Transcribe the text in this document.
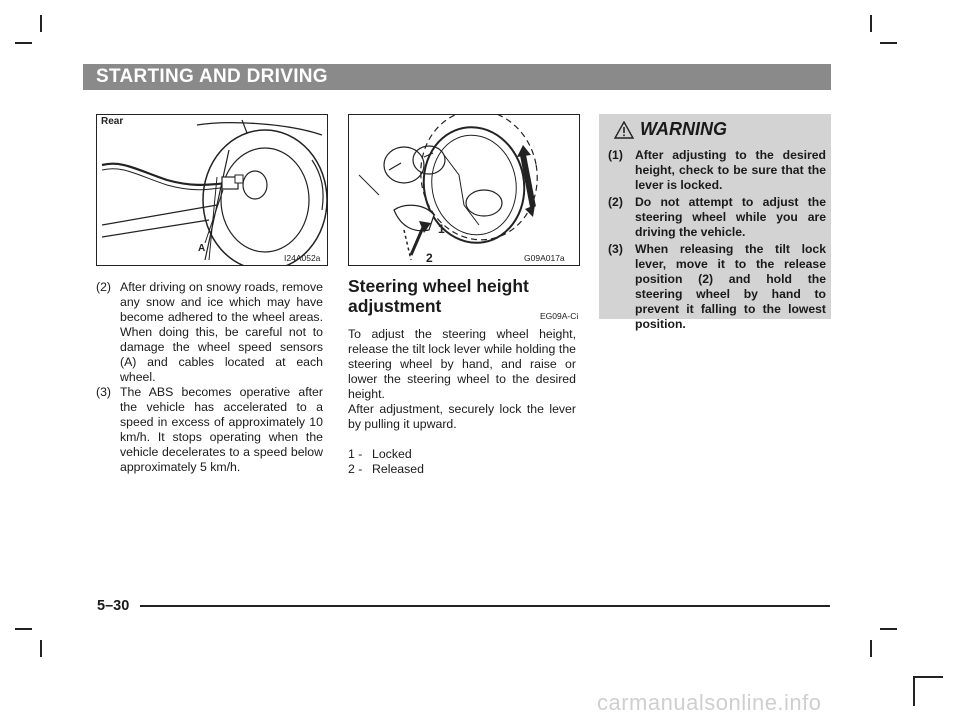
STARTING AND DRIVING
Rear
A
I24A052a
1
2	G09A017a
(2) After driving on snowy roads, remove any snow and ice which may have become adhered to the wheel areas. When doing this, be careful not to damage the wheel speed sensors (A) and cables located at each wheel.
(3) The ABS becomes operative after the vehicle has accelerated to a speed in excess of approximately 10 km/h. It stops operating when the vehicle decelerates to a speed below approximately 5 km/h.
Steering wheel height adjustment	EG09A-Ci
To adjust the steering wheel height, release the tilt lock lever while holding the steering wheel by hand, and raise or lower the steering wheel to the desired height.
After adjustment, securely lock the lever by pulling it upward.
1 - Locked
2 - Released
WARNING
(1) After adjusting to the desired height, check to be sure that the lever is locked.
(2) Do not attempt to adjust the steering wheel while you are driving the vehicle.
(3) When releasing the tilt lock lever, move it to the release position (2) and hold the steering wheel by hand to prevent it falling to the lowest position.
5–30
carmanualsonline.info
